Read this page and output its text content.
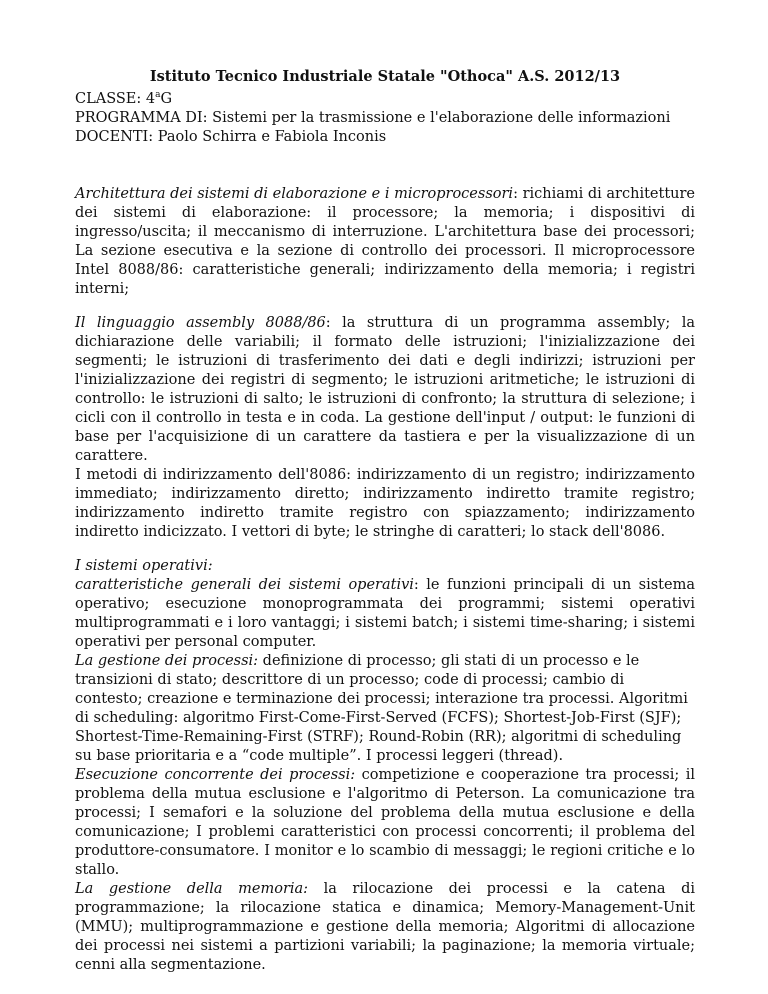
Istituto Tecnico Industriale Statale "Othoca" A.S. 2012/13

CLASSE: 4$^a$G

PROGRAMMA DI: Sistemi per la trasmissione e l'elaborazione delle informazioni

DOCENTI: Paolo Schirra e Fabiola Inconis

Architettura dei sistemi di elaborazione e i microprocessori: richiami di architetture dei sistemi di elaborazione: il processore; la memoria; i dispositivi di ingresso/uscita; il meccanismo di interruzione. L'architettura base dei processori; La sezione esecutiva e la sezione di controllo dei processori. Il microprocessore Intel 8088/86: caratteristiche generali; indirizzamento della memoria; i registri interni;

Il linguaggio assembly 8088/86: la struttura di un programma assembly; la dichiarazione delle variabili; il formato delle istruzioni; l'inizializzazione dei segmenti; le istruzioni di trasferimento dei dati e degli indirizzi; istruzioni per l'inizializzazione dei registri di segmento; le istruzioni aritmetiche; le istruzioni di controllo: le istruzioni di salto; le istruzioni di confronto; la struttura di selezione; i cicli con il controllo in testa e in coda. La gestione dell'input / output: le funzioni di base per l'acquisizione di un carattere da tastiera e per la visualizzazione di un carattere.

I metodi di indirizzamento dell'8086: indirizzamento di un registro; indirizzamento immediato; indirizzamento diretto; indirizzamento indiretto tramite registro; indirizzamento indiretto tramite registro con spiazzamento; indirizzamento indiretto indicizzato. I vettori di byte; le stringhe di caratteri; lo stack dell'8086.

I sistemi operativi:

caratteristiche generali dei sistemi operativi: le funzioni principali di un sistema operativo; esecuzione monoprogrammata dei programmi; sistemi operativi multiprogrammati e i loro vantaggi; i sistemi batch; i sistemi time-sharing; i sistemi operativi per personal computer.

La gestione dei processi: definizione di processo; gli stati di un processo e le transizioni di stato; descrittore di un processo; code di processi; cambio di contesto; creazione e terminazione dei processi; interazione tra processi. Algoritmi di scheduling: algoritmo First-Come-First-Served (FCFS); Shortest-Job-First (SJF); Shortest-Time-Remaining-First (STRF); Round-Robin (RR); algoritmi di scheduling su base prioritaria e a “code multiple”. I processi leggeri (thread).

Esecuzione concorrente dei processi: competizione e cooperazione tra processi; il problema della mutua esclusione e l'algoritmo di Peterson. La comunicazione tra processi; I semafori e la soluzione del problema della mutua esclusione e della comunicazione; I problemi caratteristici con processi concorrenti; il problema del produttore-consumatore. I monitor e lo scambio di messaggi; le regioni critiche e lo stallo.

La gestione della memoria: la rilocazione dei processi e la catena di programmazione; la rilocazione statica e dinamica; Memory-Management-Unit (MMU); multiprogrammazione e gestione della memoria; Algoritmi di allocazione dei processi nei sistemi a partizioni variabili; la paginazione; la memoria virtuale; cenni alla segmentazione.
